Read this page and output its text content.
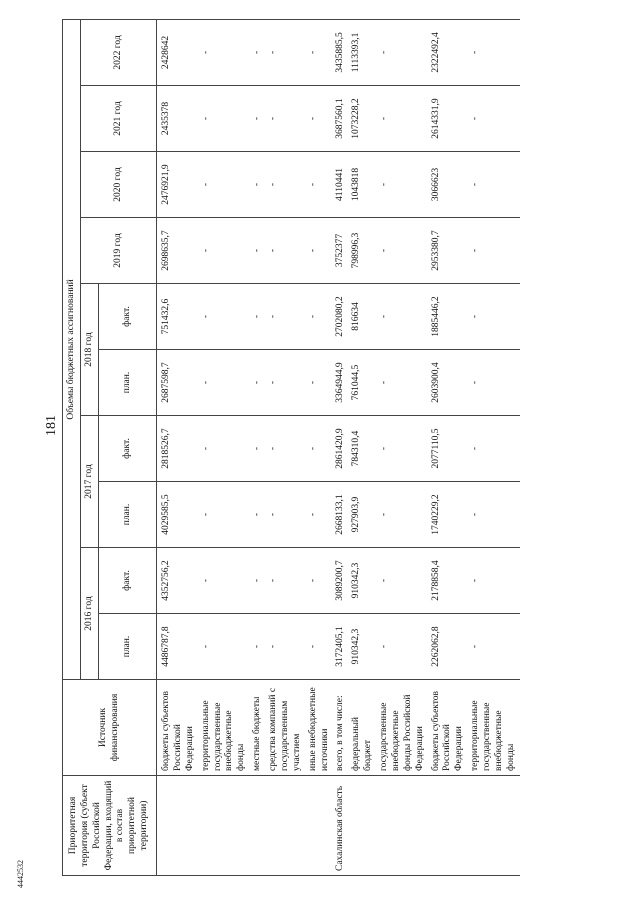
181
4442532
Приоритетная территория (субъект Российской Федерации, входящий в состав приоритетной территории)	Источник финансирования	Объемы бюджетных ассигнований									
		2016 год		2017 год		2018 год		2019 год	2020 год	2021 год	2022 год
		план.	факт.	план.	факт.	план.	факт.				
	бюджеты субъектов Российской Федерации	4486787,8	4352756,2	4029585,5	2818526,7	2687598,7	751432,6	2698635,7	2476921,9	2435378	2428642
	территориальные государственные внебюджетные фонды	-	-	-	-	-	-	-	-	-	-
	местные бюджеты	-	-	-	-	-	-	-	-	-	-
	средства компаний с государственным участием	-	-	-	-	-	-	-	-	-	-
	иные внебюджетные источники	-	-	-	-	-	-	-	-	-	-
Сахалинская область	всего, в том числе:	3172405,1	3089200,7	2668133,1	2861420,9	3364944,9	2702080,2	3752377	4110441	3687560,1	3435885,5
	федеральный бюджет	910342,3	910342,3	927903,9	784310,4	761044,5	816634	798996,3	1043818	1073228,2	1113393,1
	государственные внебюджетные фонды Российской Федерации	-	-	-	-	-	-	-	-	-	-
	бюджеты субъектов Российской Федерации	2262062,8	2178858,4	1740229,2	2077110,5	2603900,4	1885446,2	2953380,7	3066623	2614331,9	2322492,4
	территориальные государственные внебюджетные фонды	-	-	-	-	-	-	-	-	-	-
